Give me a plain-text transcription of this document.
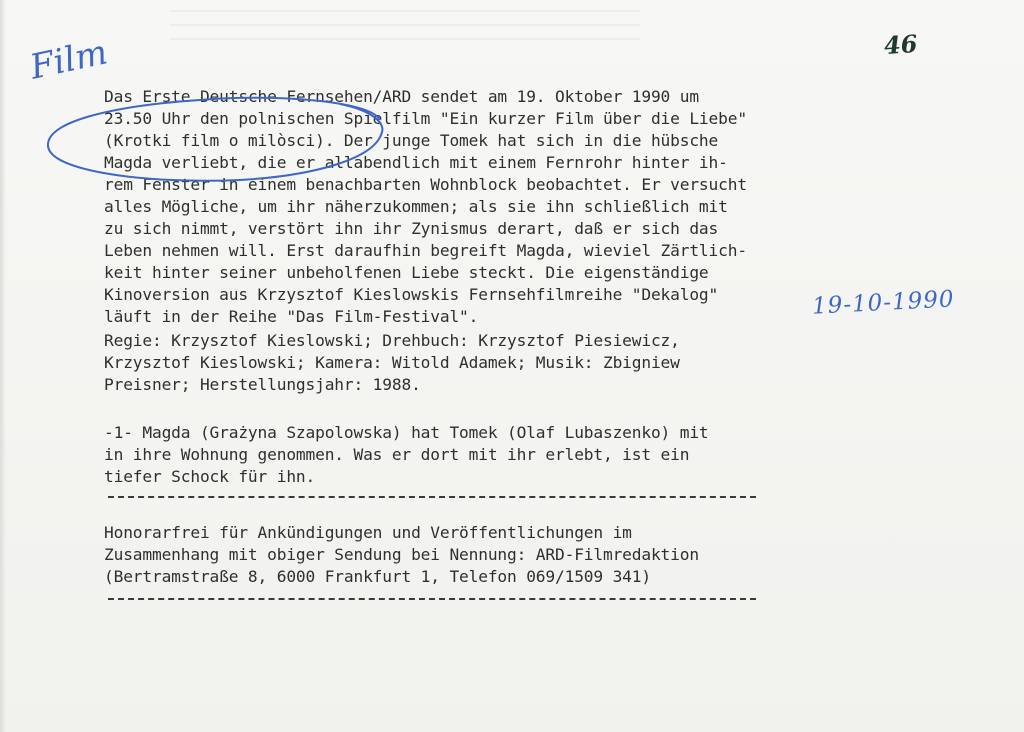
Film	46
19-10-1990
Das Erste Deutsche Fernsehen/ARD sendet am 19. Oktober 1990 um
23.50 Uhr den polnischen Spielfilm "Ein kurzer Film über die Liebe"
(Krotki film o milòsci). Der junge Tomek hat sich in die hübsche
Magda verliebt, die er allabendlich mit einem Fernrohr hinter ih-
rem Fenster in einem benachbarten Wohnblock beobachtet. Er versucht
alles Mögliche, um ihr näherzukommen; als sie ihn schließlich mit
zu sich nimmt, verstört ihn ihr Zynismus derart, daß er sich das
Leben nehmen will. Erst daraufhin begreift Magda, wieviel Zärtlich-
keit hinter seiner unbeholfenen Liebe steckt. Die eigenständige
Kinoversion aus Krzysztof Kieslowskis Fernsehfilmreihe "Dekalog"
läuft in der Reihe "Das Film-Festival".
Regie: Krzysztof Kieslowski; Drehbuch: Krzysztof Piesiewicz,
Krzysztof Kieslowski; Kamera: Witold Adamek; Musik: Zbigniew
Preisner; Herstellungsjahr: 1988.
-1- Magda (Grażyna Szapolowska) hat Tomek (Olaf Lubaszenko) mit
in ihre Wohnung genommen. Was er dort mit ihr erlebt, ist ein
tiefer Schock für ihn.
Honorarfrei für Ankündigungen und Veröffentlichungen im
Zusammenhang mit obiger Sendung bei Nennung: ARD-Filmredaktion
(Bertramstraße 8, 6000 Frankfurt 1, Telefon 069/1509 341)
